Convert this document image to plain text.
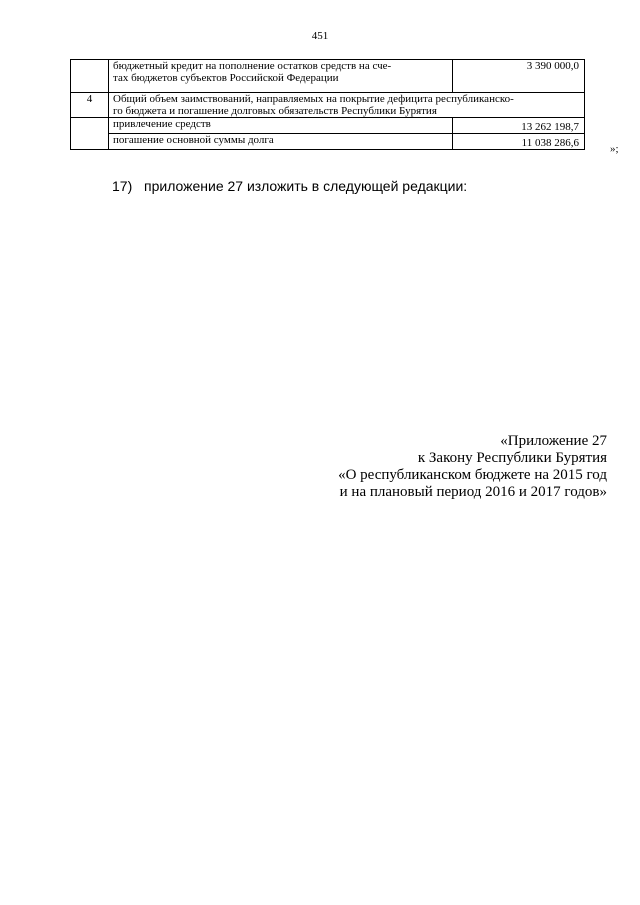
451

	бюджетный кредит на пополнение остатков средств на сче-
тах бюджетов субъектов Российской Федерации	3 390 000,0
4	Общий объем заимствований, направляемых на покрытие дефицита республиканско-
го бюджета и погашение долговых обязательств Республики Бурятия	

	привлечение средств	13 262 198,7

	погашение основной суммы долга	11 038 286,6	»;
17) приложение 27 изложить в следующей редакции:
«Приложение 27
к Закону Республики Бурятия
«О республиканском бюджете на 2015 год
и на плановый период 2016 и 2017 годов»
